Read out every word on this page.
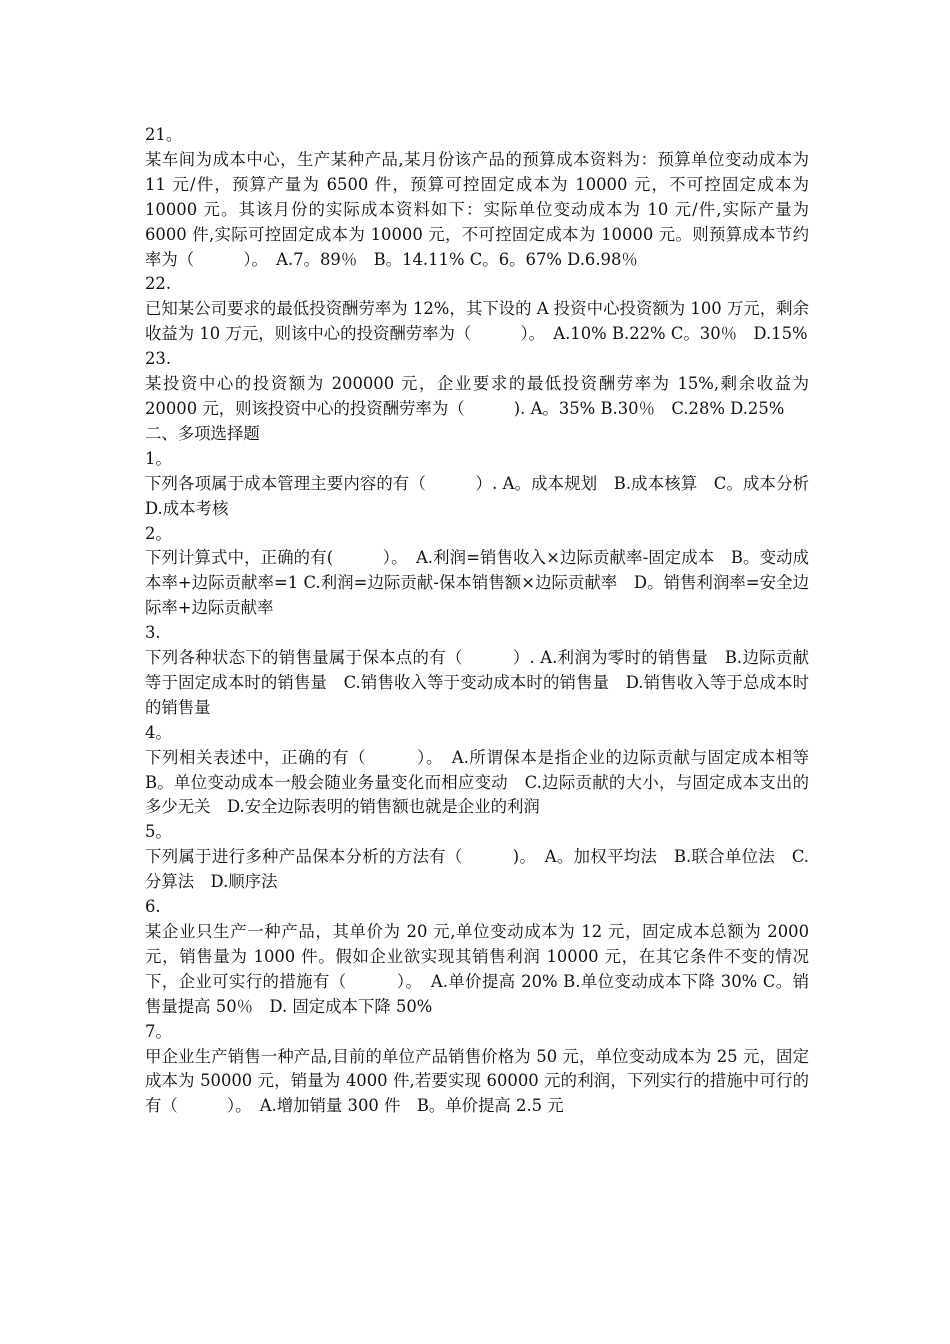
21。

某车间为成本中心，生产某种产品,某月份该产品的预算成本资料为：预算单位变动成本为 11 元/件，预算产量为 6500 件，预算可控固定成本为 10000 元，不可控固定成本为 10000 元。其该月份的实际成本资料如下：实际单位变动成本为 10 元/件,实际产量为 6000 件,实际可控固定成本为 10000 元，不可控固定成本为 10000 元。则预算成本节约率为（　　　）。　A.7。89％　B。14.11% C。6。67% D.6.98％

22.

已知某公司要求的最低投资酬劳率为 12%，其下设的 A 投资中心投资额为 100 万元，剩余收益为 10 万元，则该中心的投资酬劳率为（　　　）。　A.10% B.22% C。30％　D.15%

23.

某投资中心的投资额为 200000 元，企业要求的最低投资酬劳率为 15%,剩余收益为 20000 元，则该投资中心的投资酬劳率为（　　　). A。35% B.30％　C.28% D.25%

二、多项选择题

1。

下列各项属于成本管理主要内容的有（　　　）. A。成本规划　B.成本核算　C。成本分析　D.成本考核

2。

下列计算式中，正确的有(　　　）。　A.利润=销售收入×边际贡献率-固定成本　B。变动成本率+边际贡献率=1 C.利润=边际贡献-保本销售额×边际贡献率　D。销售利润率=安全边际率+边际贡献率

3.

下列各种状态下的销售量属于保本点的有（　　　）. A.利润为零时的销售量　B.边际贡献等于固定成本时的销售量　C.销售收入等于变动成本时的销售量　D.销售收入等于总成本时的销售量

4。

下列相关表述中，正确的有（　　　）。　A.所谓保本是指企业的边际贡献与固定成本相等　B。单位变动成本一般会随业务量变化而相应变动　C.边际贡献的大小，与固定成本支出的多少无关　D.安全边际表明的销售额也就是企业的利润

5。

下列属于进行多种产品保本分析的方法有（　　　)。　A。加权平均法　B.联合单位法　C.分算法　D.顺序法

6.

某企业只生产一种产品，其单价为 20 元,单位变动成本为 12 元，固定成本总额为 2000 元，销售量为 1000 件。假如企业欲实现其销售利润 10000 元，在其它条件不变的情况下，企业可实行的措施有（　　　）。　A.单价提高 20% B.单位变动成本下降 30% C。销售量提高 50％　D. 固定成本下降 50%

7。

甲企业生产销售一种产品,目前的单位产品销售价格为 50 元，单位变动成本为 25 元，固定成本为 50000 元，销量为 4000 件,若要实现 60000 元的利润，下列实行的措施中可行的有（　　　）。　A.增加销量 300 件　B。单价提高 2.5 元
